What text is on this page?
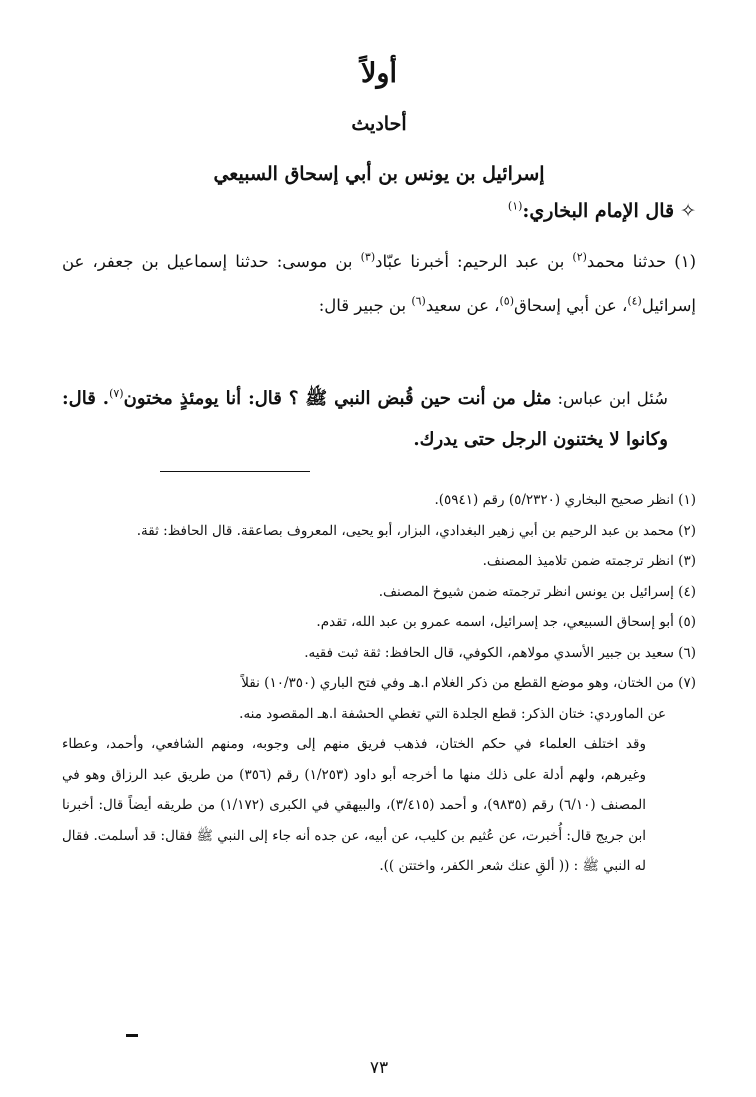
أولاً
أحاديث
إسرائيل بن يونس بن أبي إسحاق السبيعي
✧قال الإمام البخاري:$^{(١)}$

(١) حدثنا محمد$^{(٢)}$ بن عبد الرحيم: أخبرنا عبّاد$^{(٣)}$ بن موسى: حدثنا إسماعيل بن جعفر، عن إسرائيل$^{(٤)}$، عن أبي إسحاق$^{(٥)}$، عن سعيد$^{(٦)}$ بن جبير قال:

سُئل ابن عباس: مثل من أنت حين قُبض النبي ﷺ ؟ قال: أنا يومئذٍ مختون$^{(٧)}$. قال: وكانوا لا يختنون الرجل حتى يدرك.

(١) انظر صحيح البخاري (٥/٢٣٢٠) رقم (٥٩٤١).

(٢) محمد بن عبد الرحيم بن أبي زهير البغدادي، البزار، أبو يحيى، المعروف بصاعقة. قال الحافظ: ثقة.

(٣) انظر ترجمته ضمن تلاميذ المصنف.

(٤) إسرائيل بن يونس انظر ترجمته ضمن شيوخ المصنف.

(٥) أبو إسحاق السبيعي، جد إسرائيل، اسمه عمرو بن عبد الله، تقدم.

(٦) سعيد بن جبير الأسدي مولاهم، الكوفي، قال الحافظ: ثقة ثبت فقيه.

(٧) من الختان، وهو موضع القطع من ذكر الغلام ا.هـ وفي فتح الباري (١٠/٣٥٠) نقلاً

عن الماوردي: ختان الذكر: قطع الجلدة التي تغطي الحشفة ا.هـ المقصود منه.

وقد اختلف العلماء في حكم الختان، فذهب فريق منهم إلى وجوبه، ومنهم الشافعي، وأحمد، وعطاء وغيرهم، ولهم أدلة على ذلك منها ما أخرجه أبو داود (١/٢٥٣) رقم (٣٥٦) من طريق عبد الرزاق وهو في المصنف (٦/١٠) رقم (٩٨٣٥)، و أحمد (٣/٤١٥)، والبيهقي في الكبرى (١/١٧٢) من طريقه أيضاً قال: أخبرنا ابن جريج قال: أُخبرت، عن عُثيم بن كليب، عن أبيه، عن جده أنه جاء إلى النبي ﷺ فقال: قد أسلمت. فقال له النبي ﷺ : (( ألقِ عنك شعر الكفر، واختتن )).

٧٣
